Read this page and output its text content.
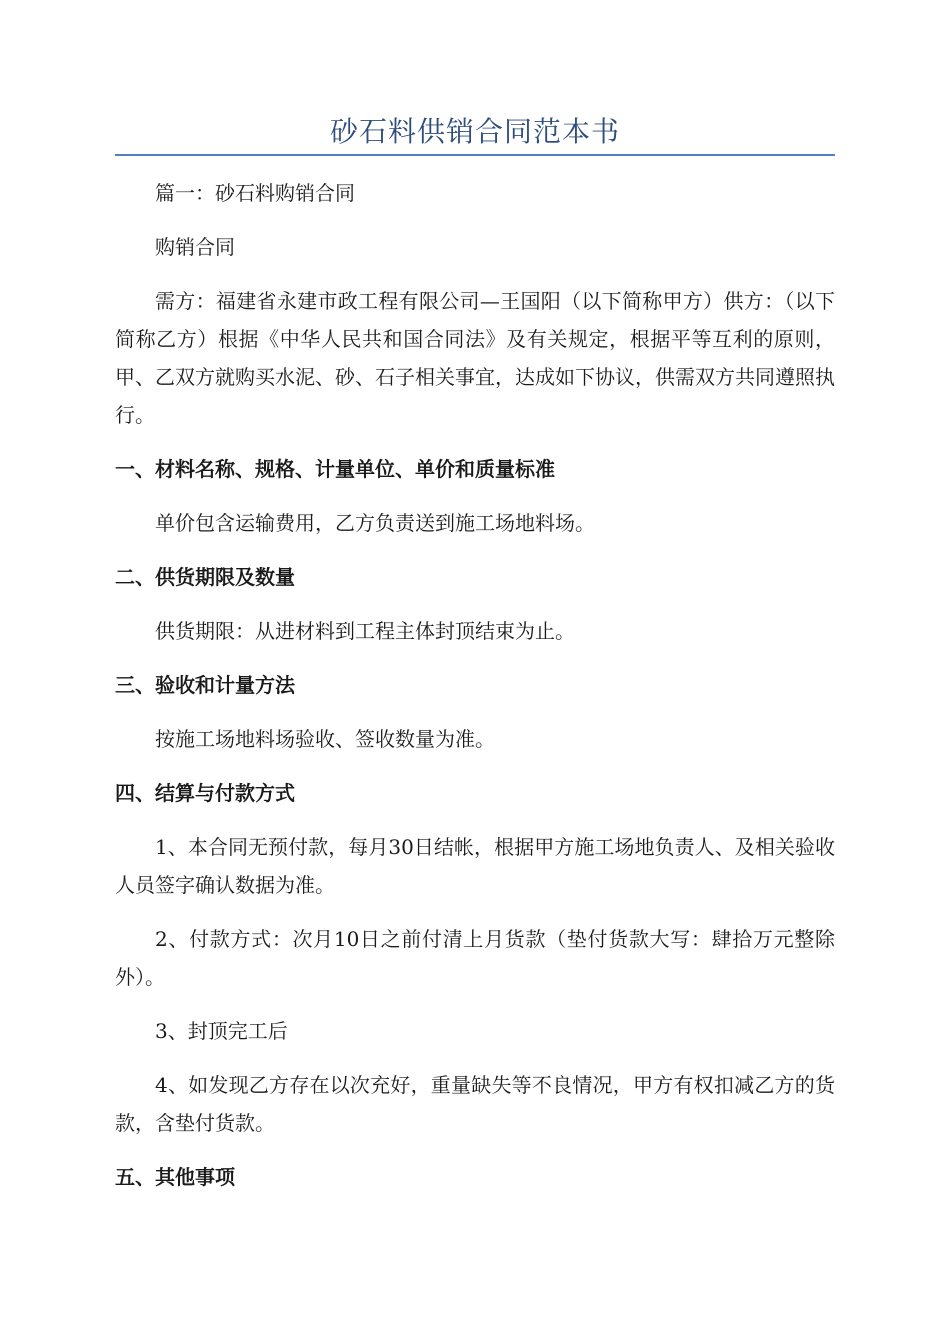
砂石料供销合同范本书

篇一：砂石料购销合同

购销合同

需方：福建省永建市政工程有限公司—王国阳（以下简称甲方）供方：（以下简称乙方）根据《中华人民共和国合同法》及有关规定，根据平等互利的原则，甲、乙双方就购买水泥、砂、石子相关事宜，达成如下协议，供需双方共同遵照执行。

一、材料名称、规格、计量单位、单价和质量标准

单价包含运输费用，乙方负责送到施工场地料场。

二、供货期限及数量

供货期限：从进材料到工程主体封顶结束为止。

三、验收和计量方法

按施工场地料场验收、签收数量为准。

四、结算与付款方式

1、本合同无预付款，每月30日结帐，根据甲方施工场地负责人、及相关验收人员签字确认数据为准。

2、付款方式：次月10日之前付清上月货款（垫付货款大写：肆拾万元整除外）。

3、封顶完工后

4、如发现乙方存在以次充好，重量缺失等不良情况，甲方有权扣减乙方的货款，含垫付货款。

五、其他事项
